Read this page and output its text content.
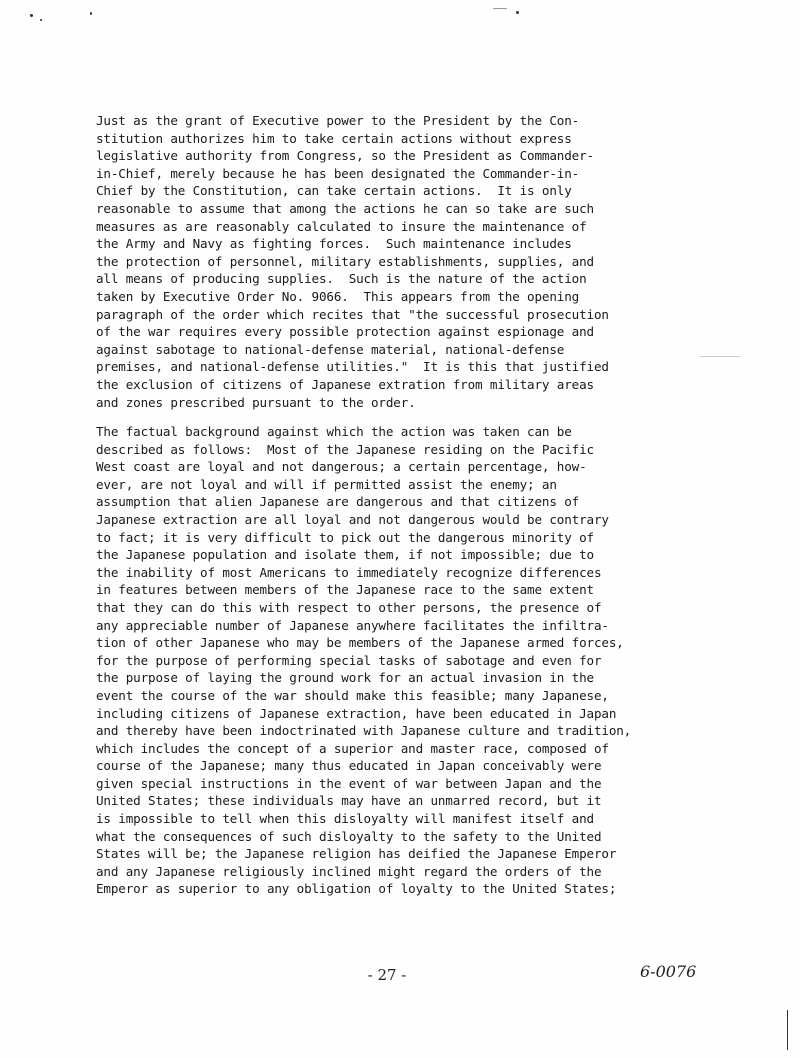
Just as the grant of Executive power to the President by the Con-
stitution authorizes him to take certain actions without express
legislative authority from Congress, so the President as Commander-
in-Chief, merely because he has been designated the Commander-in-
Chief by the Constitution, can take certain actions.  It is only
reasonable to assume that among the actions he can so take are such
measures as are reasonably calculated to insure the maintenance of
the Army and Navy as fighting forces.  Such maintenance includes
the protection of personnel, military establishments, supplies, and
all means of producing supplies.  Such is the nature of the action
taken by Executive Order No. 9066.  This appears from the opening
paragraph of the order which recites that "the successful prosecution
of the war requires every possible protection against espionage and
against sabotage to national-defense material, national-defense
premises, and national-defense utilities."  It is this that justified
the exclusion of citizens of Japanese extration from military areas
and zones prescribed pursuant to the order.
The factual background against which the action was taken can be
described as follows:  Most of the Japanese residing on the Pacific
West coast are loyal and not dangerous; a certain percentage, how-
ever, are not loyal and will if permitted assist the enemy; an
assumption that alien Japanese are dangerous and that citizens of
Japanese extraction are all loyal and not dangerous would be contrary
to fact; it is very difficult to pick out the dangerous minority of
the Japanese population and isolate them, if not impossible; due to
the inability of most Americans to immediately recognize differences
in features between members of the Japanese race to the same extent
that they can do this with respect to other persons, the presence of
any appreciable number of Japanese anywhere facilitates the infiltra-
tion of other Japanese who may be members of the Japanese armed forces,
for the purpose of performing special tasks of sabotage and even for
the purpose of laying the ground work for an actual invasion in the
event the course of the war should make this feasible; many Japanese,
including citizens of Japanese extraction, have been educated in Japan
and thereby have been indoctrinated with Japanese culture and tradition,
which includes the concept of a superior and master race, composed of
course of the Japanese; many thus educated in Japan conceivably were
given special instructions in the event of war between Japan and the
United States; these individuals may have an unmarred record, but it
is impossible to tell when this disloyalty will manifest itself and
what the consequences of such disloyalty to the safety to the United
States will be; the Japanese religion has deified the Japanese Emperor
and any Japanese religiously inclined might regard the orders of the
Emperor as superior to any obligation of loyalty to the United States;
- 27 -	6-0076
